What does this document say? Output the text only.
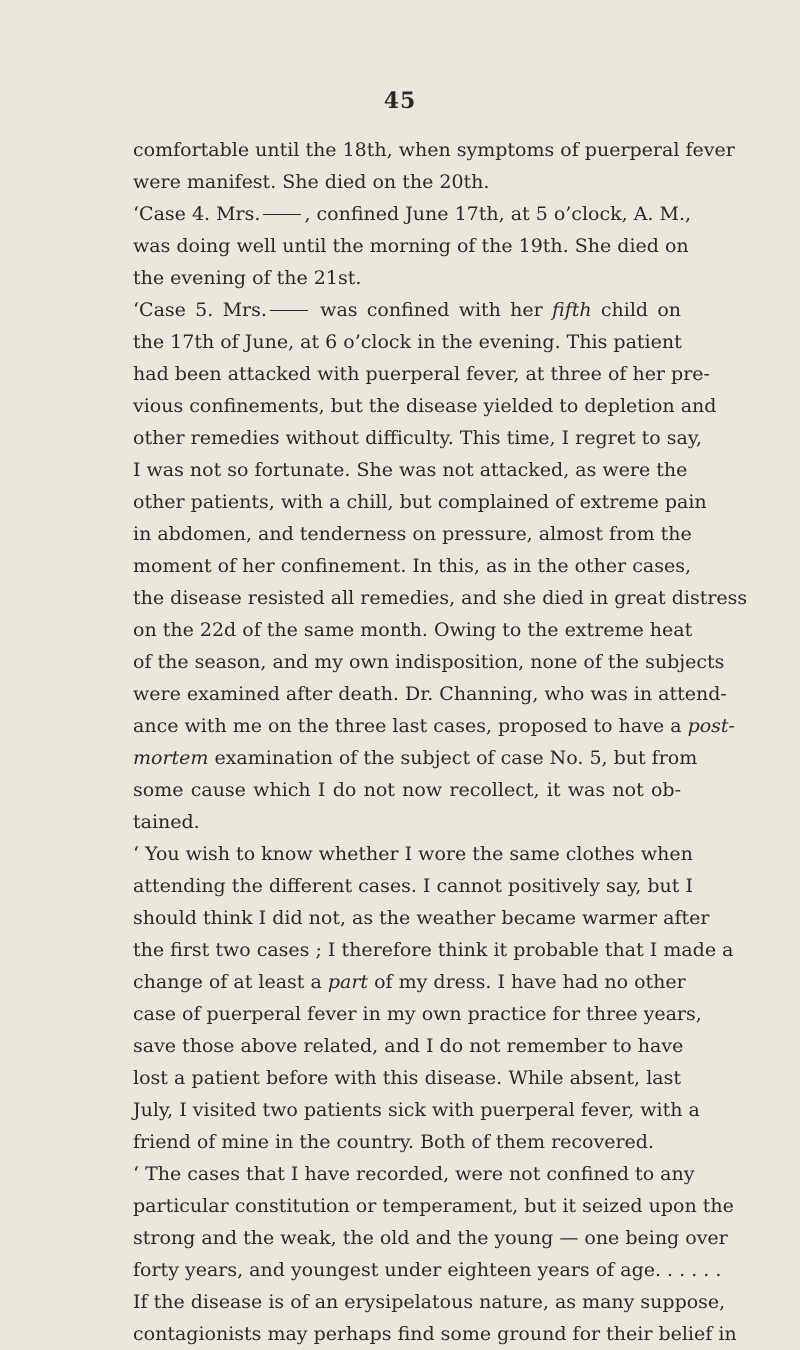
45
comfortable until the 18th, when symptoms of puerperal fever
were manifest. She died on the 20th.
‘Case 4. Mrs. , confined June 17th, at 5 o’clock, A. M.,
was doing well until the morning of the 19th. She died on
the evening of the 21st.
‘Case 5. Mrs. was confined with her fifth child on
the 17th of June, at 6 o’clock in the evening. This patient
had been attacked with puerperal fever, at three of her pre-
vious confinements, but the disease yielded to depletion and
other remedies without difficulty. This time, I regret to say,
I was not so fortunate. She was not attacked, as were the
other patients, with a chill, but complained of extreme pain
in abdomen, and tenderness on pressure, almost from the
moment of her confinement. In this, as in the other cases,
the disease resisted all remedies, and she died in great distress
on the 22d of the same month. Owing to the extreme heat
of the season, and my own indisposition, none of the subjects
were examined after death. Dr. Channing, who was in attend-
ance with me on the three last cases, proposed to have a post-
mortem examination of the subject of case No. 5, but from
some cause which I do not now recollect, it was not ob-
tained.
‘ You wish to know whether I wore the same clothes when
attending the different cases. I cannot positively say, but I
should think I did not, as the weather became warmer after
the first two cases ; I therefore think it probable that I made a
change of at least a part of my dress. I have had no other
case of puerperal fever in my own practice for three years,
save those above related, and I do not remember to have
lost a patient before with this disease. While absent, last
July, I visited two patients sick with puerperal fever, with a
friend of mine in the country. Both of them recovered.
‘ The cases that I have recorded, were not confined to any
particular constitution or temperament, but it seized upon the
strong and the weak, the old and the young — one being over
forty years, and youngest under eighteen years of age. . . . . .
If the disease is of an erysipelatous nature, as many suppose,
contagionists may perhaps find some ground for their belief in
